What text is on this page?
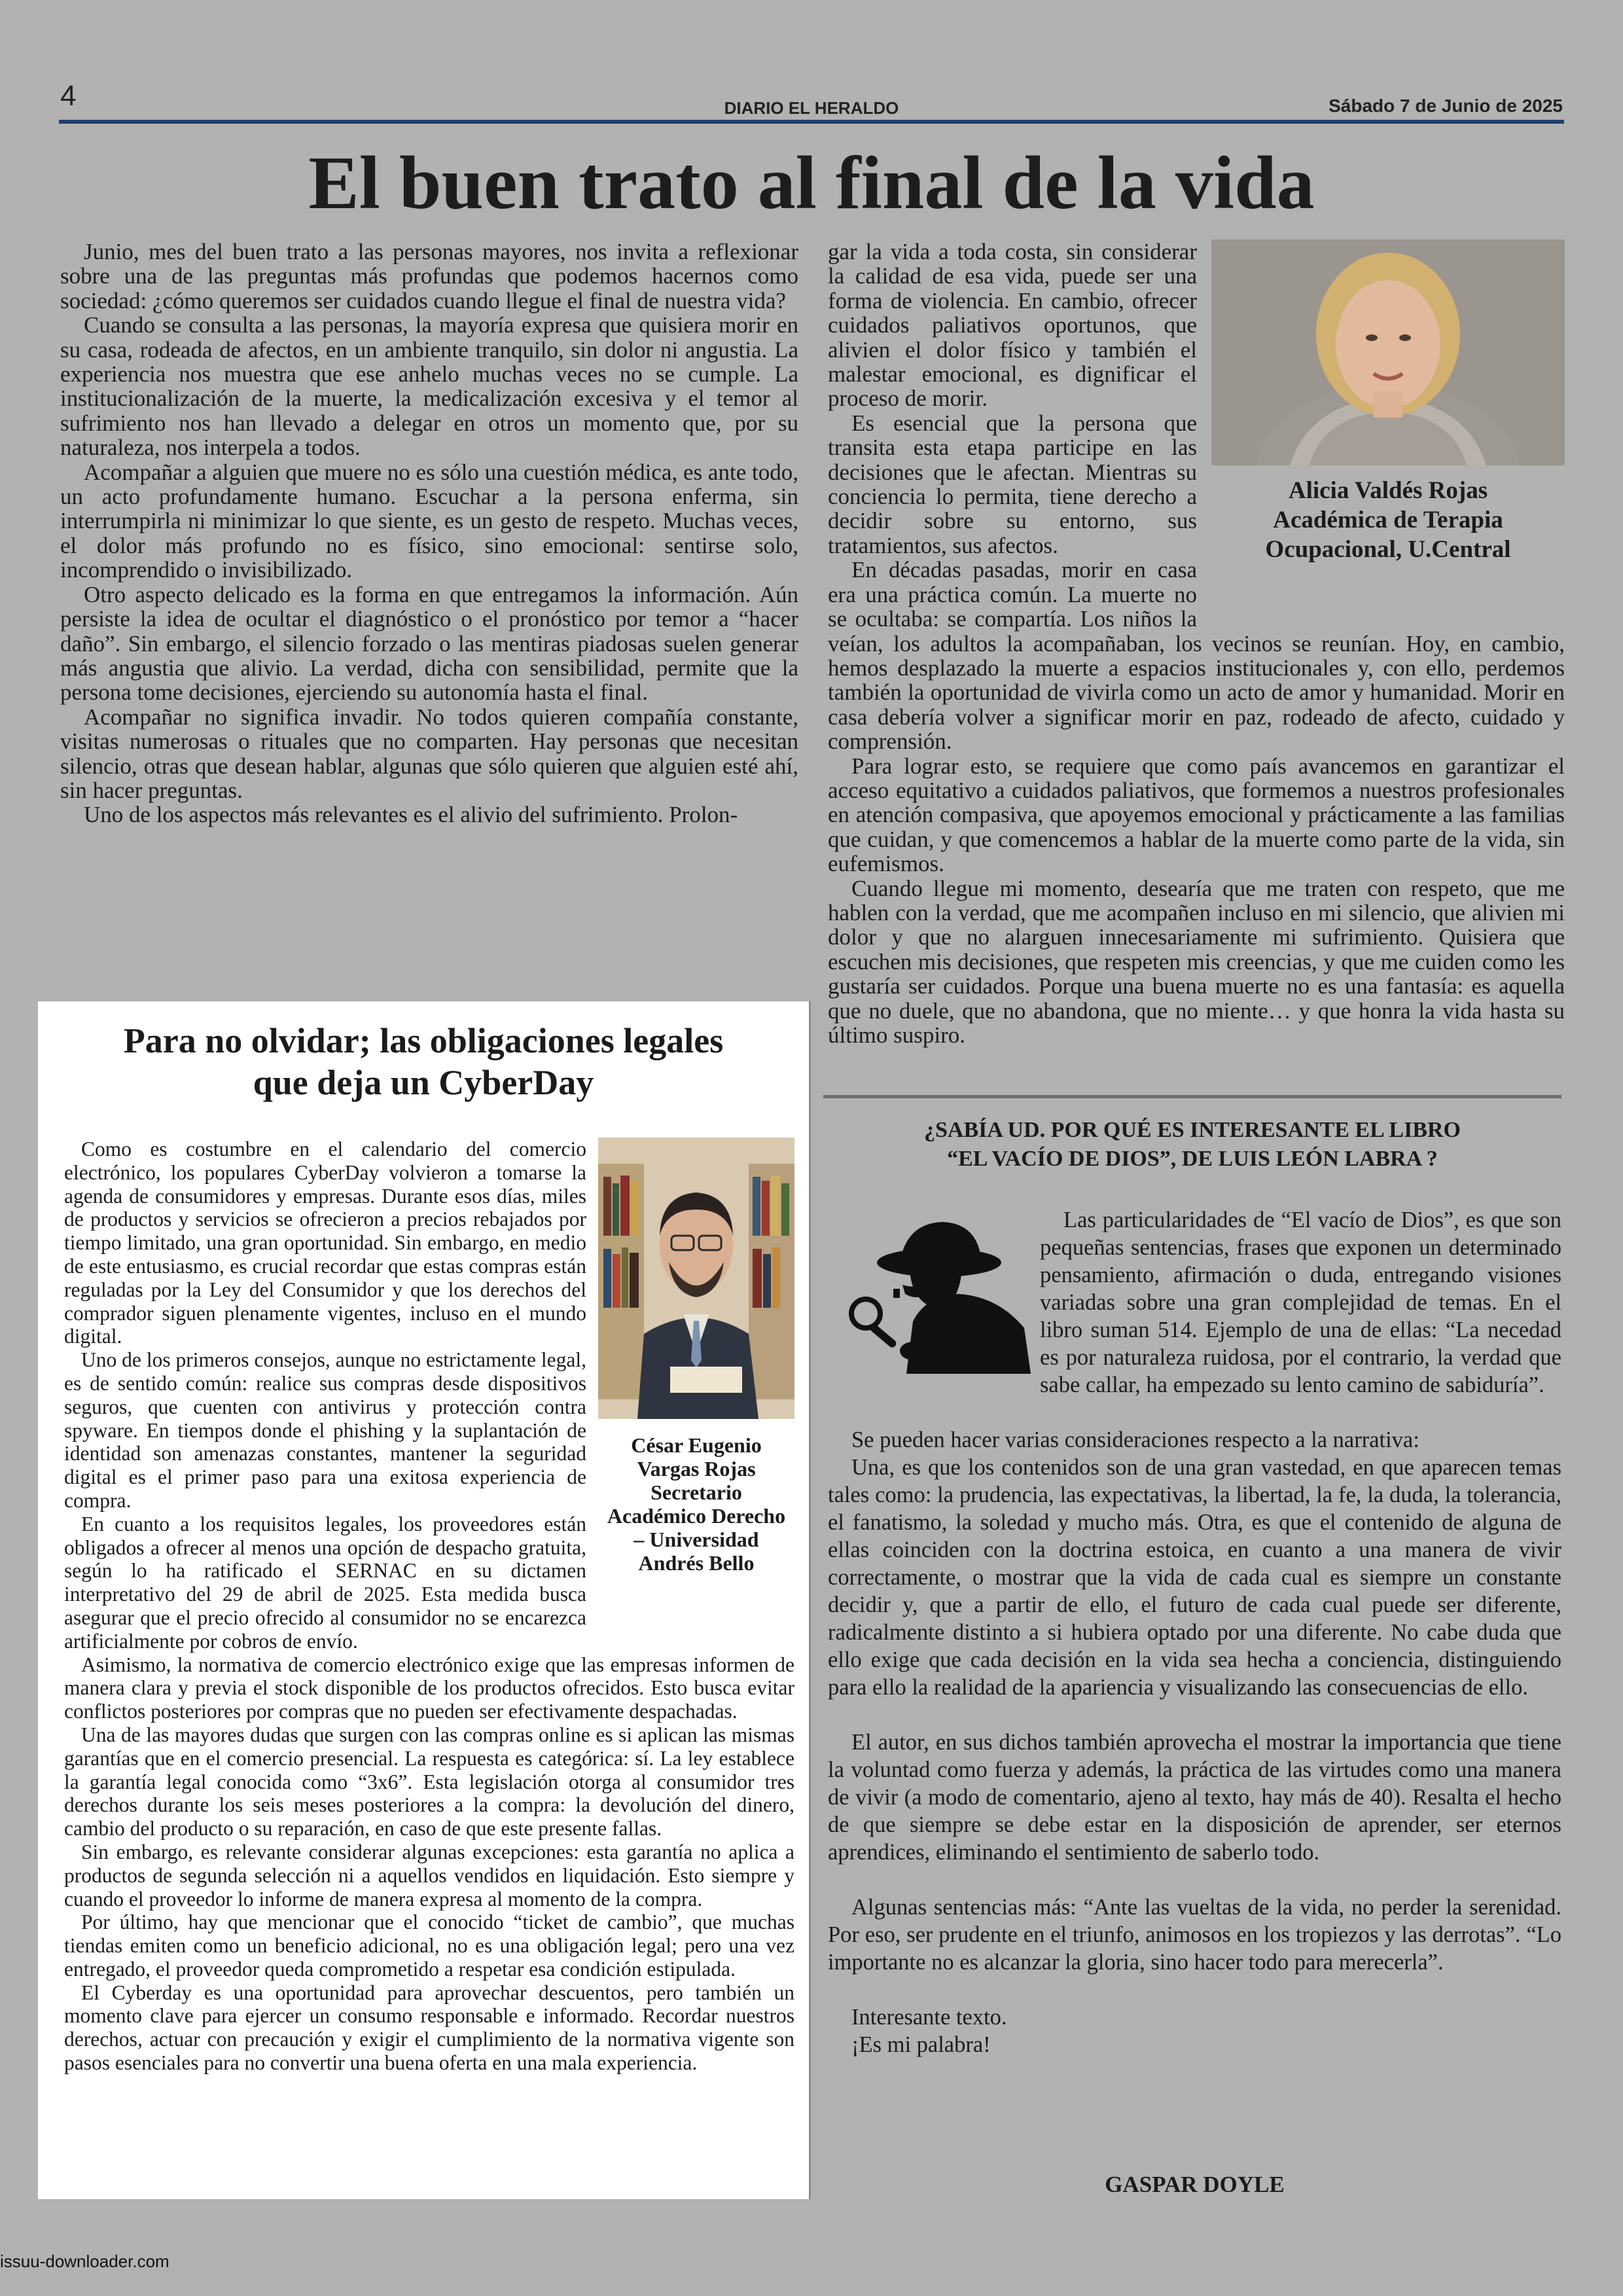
4	DIARIO EL HERALDO	Sábado 7 de Junio de 2025
El buen trato al final de la vida

Junio, mes del buen trato a las personas mayores, nos invita a reflexionar sobre una de las preguntas más profundas que podemos hacernos como sociedad: ¿cómo queremos ser cuidados cuando llegue el final de nuestra vida?

Cuando se consulta a las personas, la mayoría expresa que quisiera morir en su casa, rodeada de afectos, en un ambiente tranquilo, sin dolor ni angustia. La experiencia nos muestra que ese anhelo muchas veces no se cumple. La institucionalización de la muerte, la medicalización excesiva y el temor al sufrimiento nos han llevado a delegar en otros un momento que, por su naturaleza, nos interpela a todos.

Acompañar a alguien que muere no es sólo una cuestión médica, es ante todo, un acto profundamente humano. Escuchar a la persona enferma, sin interrumpirla ni minimizar lo que siente, es un gesto de respeto. Muchas veces, el dolor más profundo no es físico, sino emocional: sentirse solo, incomprendido o invisibilizado.

Otro aspecto delicado es la forma en que entregamos la información. Aún persiste la idea de ocultar el diagnóstico o el pronóstico por temor a “hacer daño”. Sin embargo, el silencio forzado o las mentiras piadosas suelen generar más angustia que alivio. La verdad, dicha con sensibilidad, permite que la persona tome decisiones, ejerciendo su autonomía hasta el final.

Acompañar no significa invadir. No todos quieren compañía constante, visitas numerosas o rituales que no comparten. Hay personas que necesitan silencio, otras que desean hablar, algunas que sólo quieren que alguien esté ahí, sin hacer preguntas.

Uno de los aspectos más relevantes es el alivio del sufrimiento. Prolon-

Alicia Valdés Rojas
Académica de Terapia
Ocupacional, U.Central

gar la vida a toda costa, sin considerar la calidad de esa vida, puede ser una forma de violencia. En cambio, ofrecer cuidados paliativos oportunos, que alivien el dolor físico y también el malestar emocional, es dignificar el proceso de morir.

Es esencial que la persona que transita esta etapa participe en las decisiones que le afectan. Mientras su conciencia lo permita, tiene derecho a decidir sobre su entorno, sus tratamientos, sus afectos.

En décadas pasadas, morir en casa era una práctica común. La muerte no se ocultaba: se compartía. Los niños la veían, los adultos la acompañaban, los vecinos se reunían. Hoy, en cambio, hemos desplazado la muerte a espacios institucionales y, con ello, perdemos también la oportunidad de vivirla como un acto de amor y humanidad. Morir en casa debería volver a significar morir en paz, rodeado de afecto, cuidado y comprensión.

Para lograr esto, se requiere que como país avancemos en garantizar el acceso equitativo a cuidados paliativos, que formemos a nuestros profesionales en atención compasiva, que apoyemos emocional y prácticamente a las familias que cuidan, y que comencemos a hablar de la muerte como parte de la vida, sin eufemismos.

Cuando llegue mi momento, desearía que me traten con respeto, que me hablen con la verdad, que me acompañen incluso en mi silencio, que alivien mi dolor y que no alarguen innecesariamente mi sufrimiento. Quisiera que escuchen mis decisiones, que respeten mis creencias, y que me cuiden como les gustaría ser cuidados. Porque una buena muerte no es una fantasía: es aquella que no duele, que no abandona, que no miente… y que honra la vida hasta su último suspiro.

Para no olvidar; las obligaciones legales
que deja un CyberDay
César Eugenio
Vargas Rojas
Secretario
Académico Derecho
– Universidad
Andrés Bello

Como es costumbre en el calendario del comercio electrónico, los populares CyberDay volvieron a tomarse la agenda de consumidores y empresas. Durante esos días, miles de productos y servicios se ofrecieron a precios rebajados por tiempo limitado, una gran oportunidad. Sin embargo, en medio de este entusiasmo, es crucial recordar que estas compras están reguladas por la Ley del Consumidor y que los derechos del comprador siguen plenamente vigentes, incluso en el mundo digital.

Uno de los primeros consejos, aunque no estrictamente legal, es de sentido común: realice sus compras desde dispositivos seguros, que cuenten con antivirus y protección contra spyware. En tiempos donde el phishing y la suplantación de identidad son amenazas constantes, mantener la seguridad digital es el primer paso para una exitosa experiencia de compra.

En cuanto a los requisitos legales, los proveedores están obligados a ofrecer al menos una opción de despacho gratuita, según lo ha ratificado el SERNAC en su dictamen interpretativo del 29 de abril de 2025. Esta medida busca asegurar que el precio ofrecido al consumidor no se encarezca artificialmente por cobros de envío.

Asimismo, la normativa de comercio electrónico exige que las empresas informen de manera clara y previa el stock disponible de los productos ofrecidos. Esto busca evitar conflictos posteriores por compras que no pueden ser efectivamente despachadas.

Una de las mayores dudas que surgen con las compras online es si aplican las mismas garantías que en el comercio presencial. La respuesta es categórica: sí. La ley establece la garantía legal conocida como “3x6”. Esta legislación otorga al consumidor tres derechos durante los seis meses posteriores a la compra: la devolución del dinero, cambio del producto o su reparación, en caso de que este presente fallas.

Sin embargo, es relevante considerar algunas excepciones: esta garantía no aplica a productos de segunda selección ni a aquellos vendidos en liquidación. Esto siempre y cuando el proveedor lo informe de manera expresa al momento de la compra.

Por último, hay que mencionar que el conocido “ticket de cambio”, que muchas tiendas emiten como un beneficio adicional, no es una obligación legal; pero una vez entregado, el proveedor queda comprometido a respetar esa condición estipulada.

El Cyberday es una oportunidad para aprovechar descuentos, pero también un momento clave para ejercer un consumo responsable e informado. Recordar nuestros derechos, actuar con precaución y exigir el cumplimiento de la normativa vigente son pasos esenciales para no convertir una buena oferta en una mala experiencia.

¿SABÍA UD. POR QUÉ ES INTERESANTE EL LIBRO
“EL VACÍO DE DIOS”, DE LUIS LEÓN LABRA ?

Las particularidades de “El vacío de Dios”, es que son pequeñas sentencias, frases que exponen un determinado pensamiento, afirmación o duda, entregando visiones variadas sobre una gran complejidad de temas. En el libro suman 514. Ejemplo de una de ellas: “La necedad es por naturaleza ruidosa, por el contrario, la verdad que sabe callar, ha empezado su lento camino de sabiduría”.

Se pueden hacer varias consideraciones respecto a la narrativa:

Una, es que los contenidos son de una gran vastedad, en que aparecen temas tales como: la prudencia, las expectativas, la libertad, la fe, la duda, la tolerancia, el fanatismo, la soledad y mucho más. Otra, es que el contenido de alguna de ellas coinciden con la doctrina estoica, en cuanto a una manera de vivir correctamente, o mostrar que la vida de cada cual es siempre un constante decidir y, que a partir de ello, el futuro de cada cual puede ser diferente, radicalmente distinto a si hubiera optado por una diferente. No cabe duda que ello exige que cada decisión en la vida sea hecha a conciencia, distinguiendo para ello la realidad de la apariencia y visualizando las consecuencias de ello.

El autor, en sus dichos también aprovecha el mostrar la importancia que tiene la voluntad como fuerza y además, la práctica de las virtudes como una manera de vivir (a modo de comentario, ajeno al texto, hay más de 40). Resalta el hecho de que siempre se debe estar en la disposición de aprender, ser eternos aprendices, eliminando el sentimiento de saberlo todo.

Algunas sentencias más: “Ante las vueltas de la vida, no perder la serenidad. Por eso, ser prudente en el triunfo, animosos en los tropiezos y las derrotas”. “Lo importante no es alcanzar la gloria, sino hacer todo para merecerla”.

Interesante texto.

¡Es mi palabra!

GASPAR DOYLE
issuu-downloader.com
